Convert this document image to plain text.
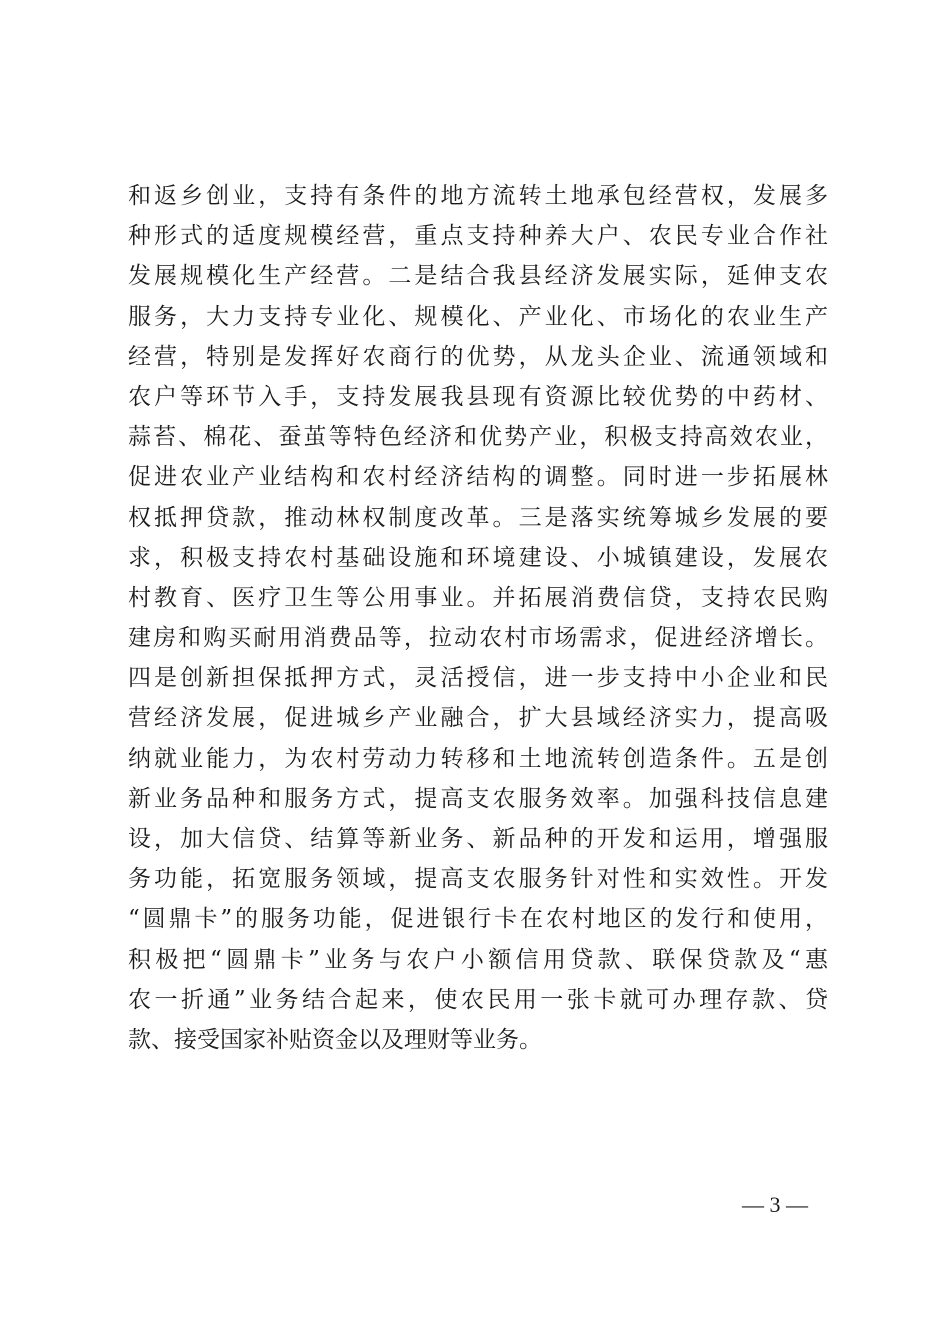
和返乡创业，支持有条件的地方流转土地承包经营权，发展多
种形式的适度规模经营，重点支持种养大户、农民专业合作社
发展规模化生产经营。二是结合我县经济发展实际，延伸支农
服务，大力支持专业化、规模化、产业化、市场化的农业生产
经营，特别是发挥好农商行的优势，从龙头企业、流通领域和
农户等环节入手，支持发展我县现有资源比较优势的中药材、
蒜苔、棉花、蚕茧等特色经济和优势产业，积极支持高效农业，
促进农业产业结构和农村经济结构的调整。同时进一步拓展林
权抵押贷款，推动林权制度改革。三是落实统筹城乡发展的要
求，积极支持农村基础设施和环境建设、小城镇建设，发展农
村教育、医疗卫生等公用事业。并拓展消费信贷，支持农民购
建房和购买耐用消费品等，拉动农村市场需求，促进经济增长。
四是创新担保抵押方式，灵活授信，进一步支持中小企业和民
营经济发展，促进城乡产业融合，扩大县域经济实力，提高吸
纳就业能力，为农村劳动力转移和土地流转创造条件。五是创
新业务品种和服务方式，提高支农服务效率。加强科技信息建
设，加大信贷、结算等新业务、新品种的开发和运用，增强服
务功能，拓宽服务领域，提高支农服务针对性和实效性。开发
“圆鼎卡”的服务功能，促进银行卡在农村地区的发行和使用，
积极把“圆鼎卡”业务与农户小额信用贷款、联保贷款及“惠
农一折通”业务结合起来，使农民用一张卡就可办理存款、贷
款、接受国家补贴资金以及理财等业务。
— 3 —
